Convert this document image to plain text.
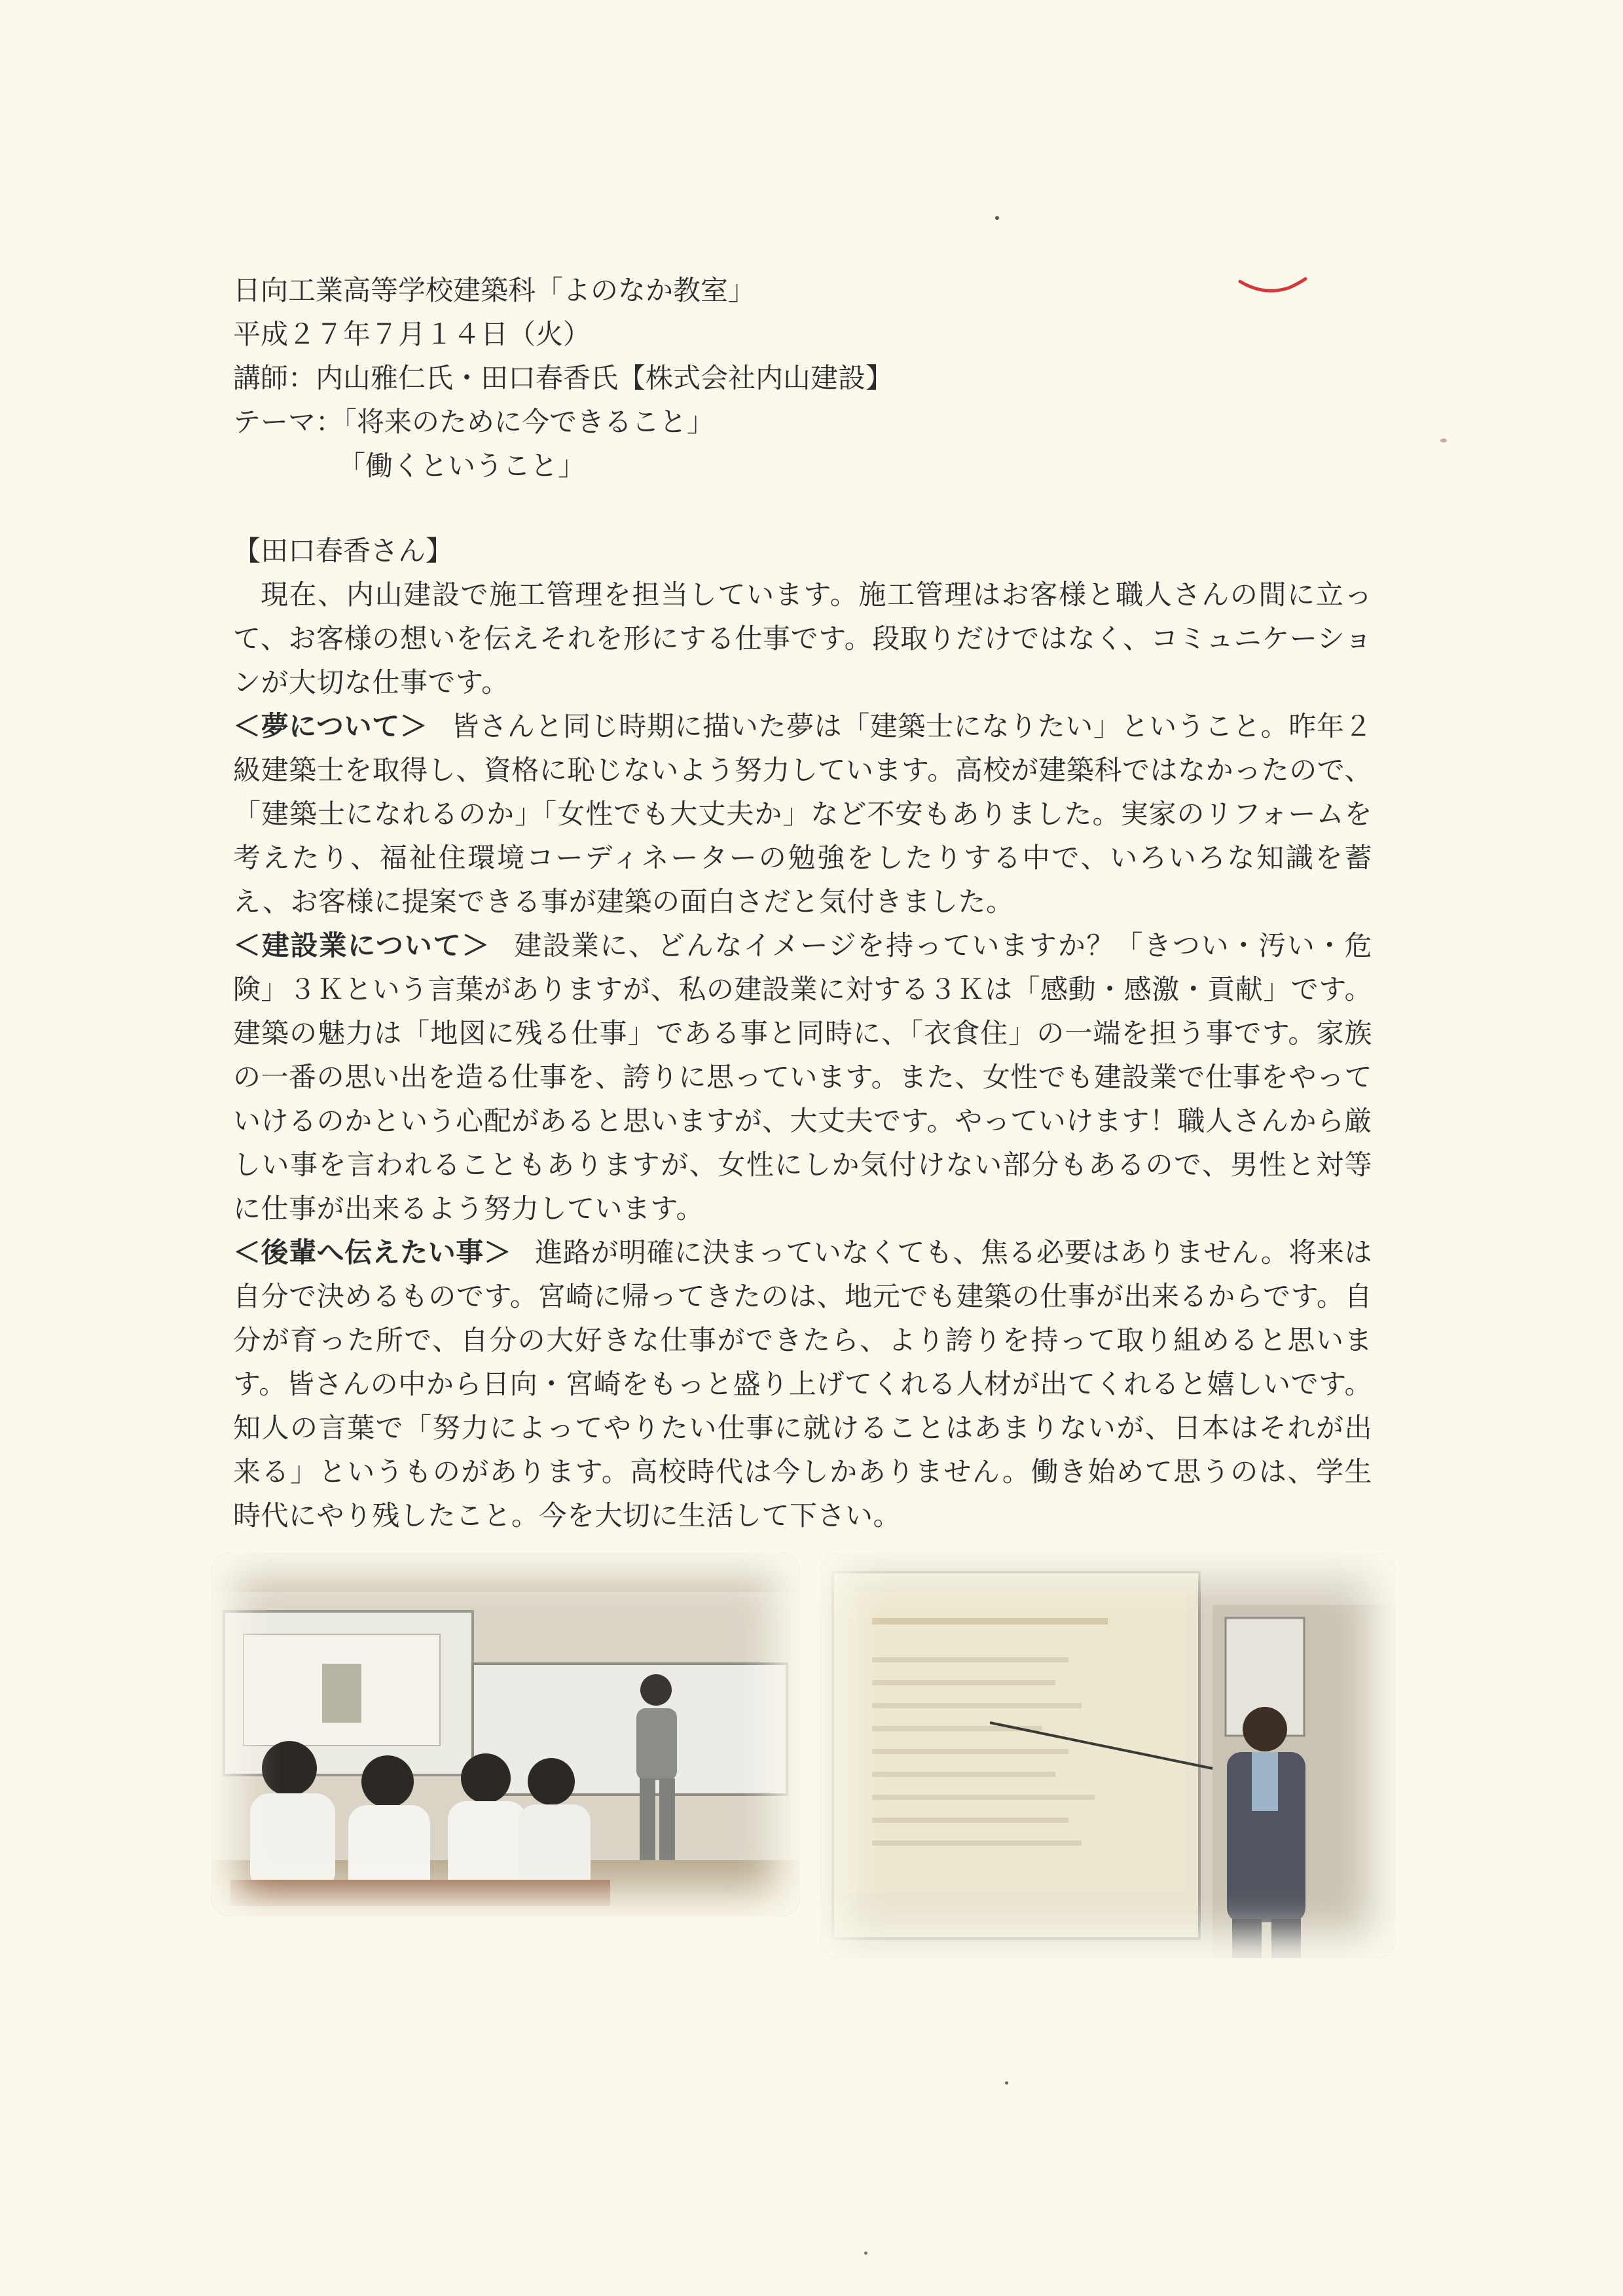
日向工業高等学校建築科「よのなか教室」
平成２７年７月１４日（火）
講師：内山雅仁氏・田口春香氏【株式会社内山建設】
テーマ：「将来のために今できること」
「働くということ」
【田口春香さん】

現在、内山建設で施工管理を担当しています。施工管理はお客様と職人さんの間に立って、お客様の想いを伝えそれを形にする仕事です。段取りだけではなく、コミュニケーションが大切な仕事です。

＜夢について＞ 皆さんと同じ時期に描いた夢は「建築士になりたい」ということ。昨年２級建築士を取得し、資格に恥じないよう努力しています。高校が建築科ではなかったので、「建築士になれるのか」「女性でも大丈夫か」など不安もありました。実家のリフォームを考えたり、福祉住環境コーディネーターの勉強をしたりする中で、いろいろな知識を蓄え、お客様に提案できる事が建築の面白さだと気付きました。

＜建設業について＞ 建設業に、どんなイメージを持っていますか？「きつい・汚い・危険」３Ｋという言葉がありますが、私の建設業に対する３Ｋは「感動・感激・貢献」です。建築の魅力は「地図に残る仕事」である事と同時に、「衣食住」の一端を担う事です。家族の一番の思い出を造る仕事を、誇りに思っています。また、女性でも建設業で仕事をやっていけるのかという心配があると思いますが、大丈夫です。やっていけます！職人さんから厳しい事を言われることもありますが、女性にしか気付けない部分もあるので、男性と対等に仕事が出来るよう努力しています。

＜後輩へ伝えたい事＞ 進路が明確に決まっていなくても、焦る必要はありません。将来は自分で決めるものです。宮崎に帰ってきたのは、地元でも建築の仕事が出来るからです。自分が育った所で、自分の大好きな仕事ができたら、より誇りを持って取り組めると思います。皆さんの中から日向・宮崎をもっと盛り上げてくれる人材が出てくれると嬉しいです。知人の言葉で「努力によってやりたい仕事に就けることはあまりないが、日本はそれが出来る」というものがあります。高校時代は今しかありません。働き始めて思うのは、学生時代にやり残したこと。今を大切に生活して下さい。
